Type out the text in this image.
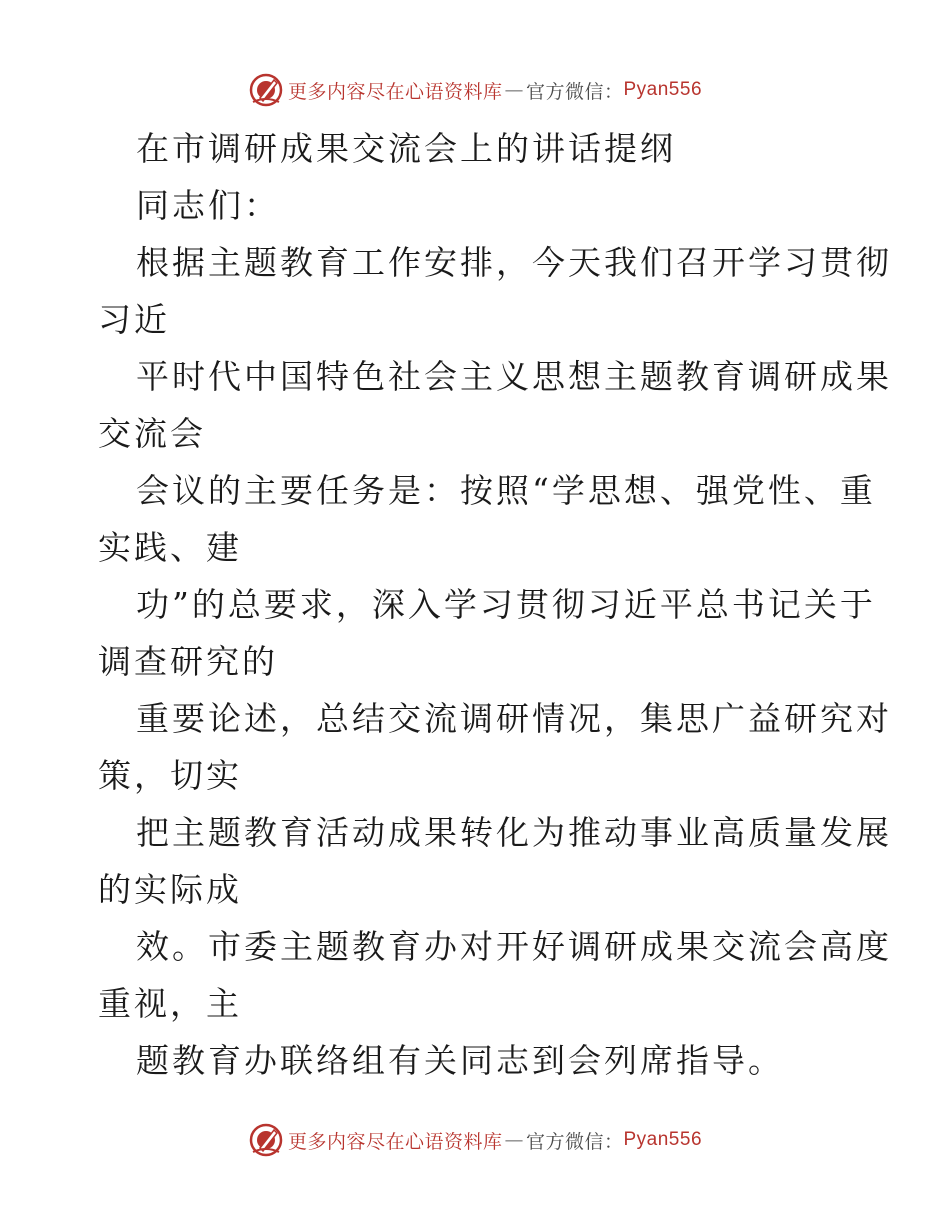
更多内容尽在心语资料库 — 官方微信： Pyan556
在市调研成果交流会上的讲话提纲
同志们：
根据主题教育工作安排，今天我们召开学习贯彻
习近
平时代中国特色社会主义思想主题教育调研成果
交流会
会议的主要任务是：按照“学思想、强党性、重
实践、建
功”的总要求，深入学习贯彻习近平总书记关于
调查研究的
重要论述，总结交流调研情况，集思广益研究对
策，切实
把主题教育活动成果转化为推动事业高质量发展
的实际成
效。市委主题教育办对开好调研成果交流会高度
重视，主
题教育办联络组有关同志到会列席指导。
更多内容尽在心语资料库 — 官方微信： Pyan556
